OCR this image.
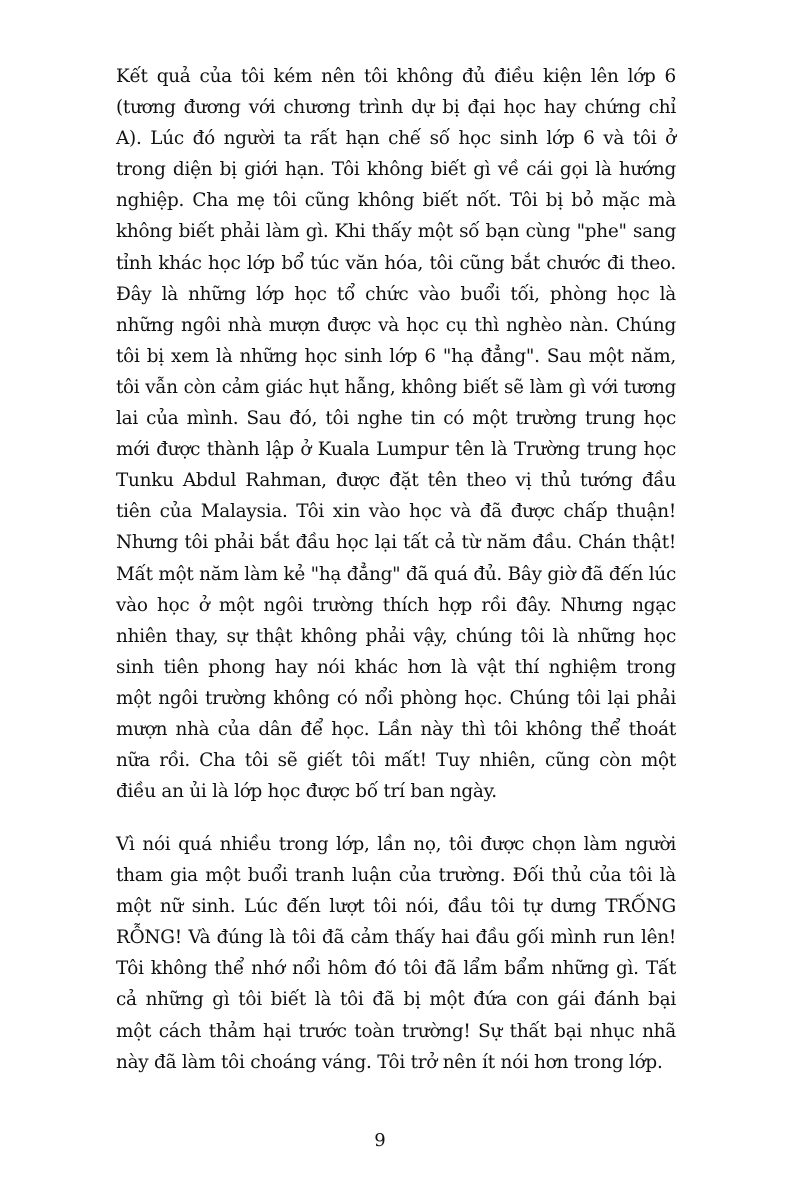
Kết quả của tôi kém nên tôi không đủ điều kiện lên lớp 6
(tương đương với chương trình dự bị đại học hay chứng chỉ
A). Lúc đó người ta rất hạn chế số học sinh lớp 6 và tôi ở
trong diện bị giới hạn. Tôi không biết gì về cái gọi là hướng
nghiệp. Cha mẹ tôi cũng không biết nốt. Tôi bị bỏ mặc mà
không biết phải làm gì. Khi thấy một số bạn cùng "phe" sang
tỉnh khác học lớp bổ túc văn hóa, tôi cũng bắt chước đi theo.
Đây là những lớp học tổ chức vào buổi tối, phòng học là
những ngôi nhà mượn được và học cụ thì nghèo nàn. Chúng
tôi bị xem là những học sinh lớp 6 "hạ đẳng". Sau một năm,
tôi vẫn còn cảm giác hụt hẫng, không biết sẽ làm gì với tương
lai của mình. Sau đó, tôi nghe tin có một trường trung học
mới được thành lập ở Kuala Lumpur tên là Trường trung học
Tunku Abdul Rahman, được đặt tên theo vị thủ tướng đầu
tiên của Malaysia. Tôi xin vào học và đã được chấp thuận!
Nhưng tôi phải bắt đầu học lại tất cả từ năm đầu. Chán thật!
Mất một năm làm kẻ "hạ đẳng" đã quá đủ. Bây giờ đã đến lúc
vào học ở một ngôi trường thích hợp rồi đây. Nhưng ngạc
nhiên thay, sự thật không phải vậy, chúng tôi là những học
sinh tiên phong hay nói khác hơn là vật thí nghiệm trong
một ngôi trường không có nổi phòng học. Chúng tôi lại phải
mượn nhà của dân để học. Lần này thì tôi không thể thoát
nữa rồi. Cha tôi sẽ giết tôi mất! Tuy nhiên, cũng còn một
điều an ủi là lớp học được bố trí ban ngày.
Vì nói quá nhiều trong lớp, lần nọ, tôi được chọn làm người
tham gia một buổi tranh luận của trường. Đối thủ của tôi là
một nữ sinh. Lúc đến lượt tôi nói, đầu tôi tự dưng TRỐNG
RỖNG! Và đúng là tôi đã cảm thấy hai đầu gối mình run lên!
Tôi không thể nhớ nổi hôm đó tôi đã lẩm bẩm những gì. Tất
cả những gì tôi biết là tôi đã bị một đứa con gái đánh bại
một cách thảm hại trước toàn trường! Sự thất bại nhục nhã
này đã làm tôi choáng váng. Tôi trở nên ít nói hơn trong lớp.
9
